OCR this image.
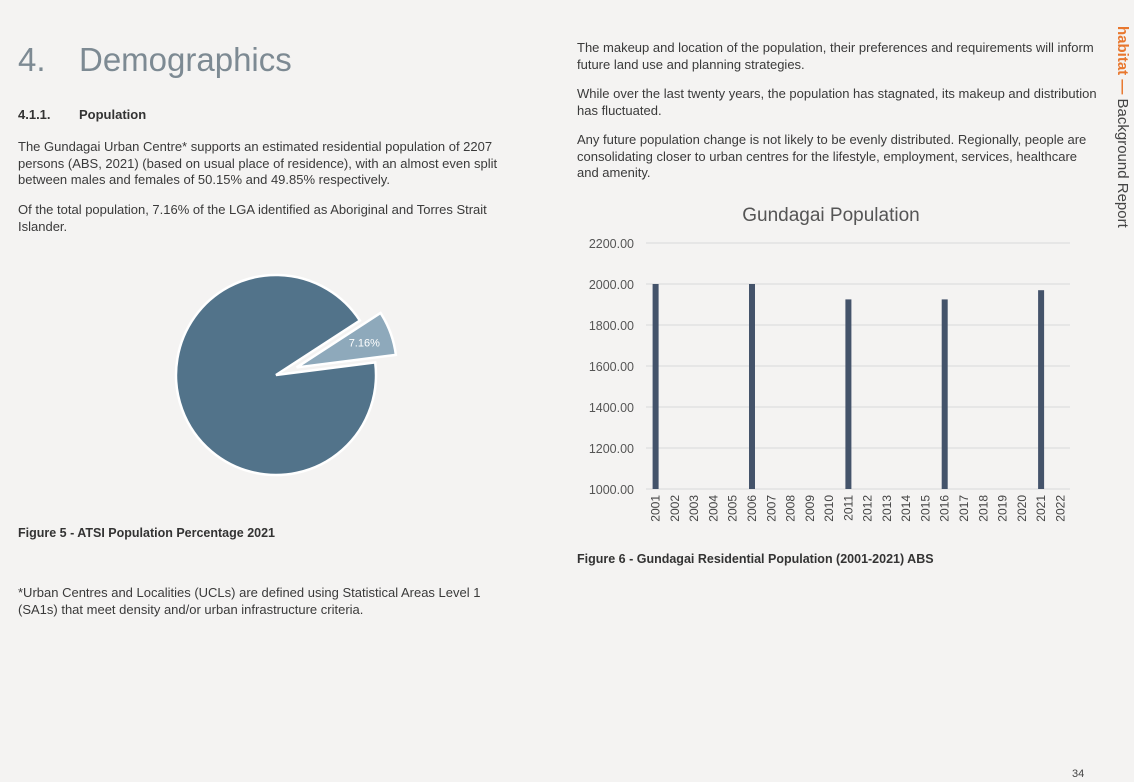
4. Demographics
4.1.1. Population

The Gundagai Urban Centre* supports an estimated residential population of 2207 persons (ABS, 2021) (based on usual place of residence), with an almost even split between males and females of 50.15% and 49.85% respectively.

Of the total population, 7.16% of the LGA identified as Aboriginal and Torres Strait Islander.

7.16%
Figure 5 - ATSI Population Percentage 2021

*Urban Centres and Localities (UCLs) are defined using Statistical Areas Level 1 (SA1s) that meet density and/or urban infrastructure criteria.

The makeup and location of the population, their preferences and requirements will inform future land use and planning strategies.

While over the last twenty years, the population has stagnated, its makeup and distribution has fluctuated.

Any future population change is not likely to be evenly distributed. Regionally, people are consolidating closer to urban centres for the lifestyle, employment, services, healthcare and amenity.

Gundagai Population
1000.00
1200.00
1400.00
1600.00
1800.00
2000.00
2200.00
2001 2002 2003 2004 2005 2006 2007 2008 2009 2010 2011 2012 2013 2014 2015 2016 2017 2018 2019 2020 2021 2022
Figure 6 - Gundagai Residential Population (2001-2021) ABS
habitat — Background Report
34
